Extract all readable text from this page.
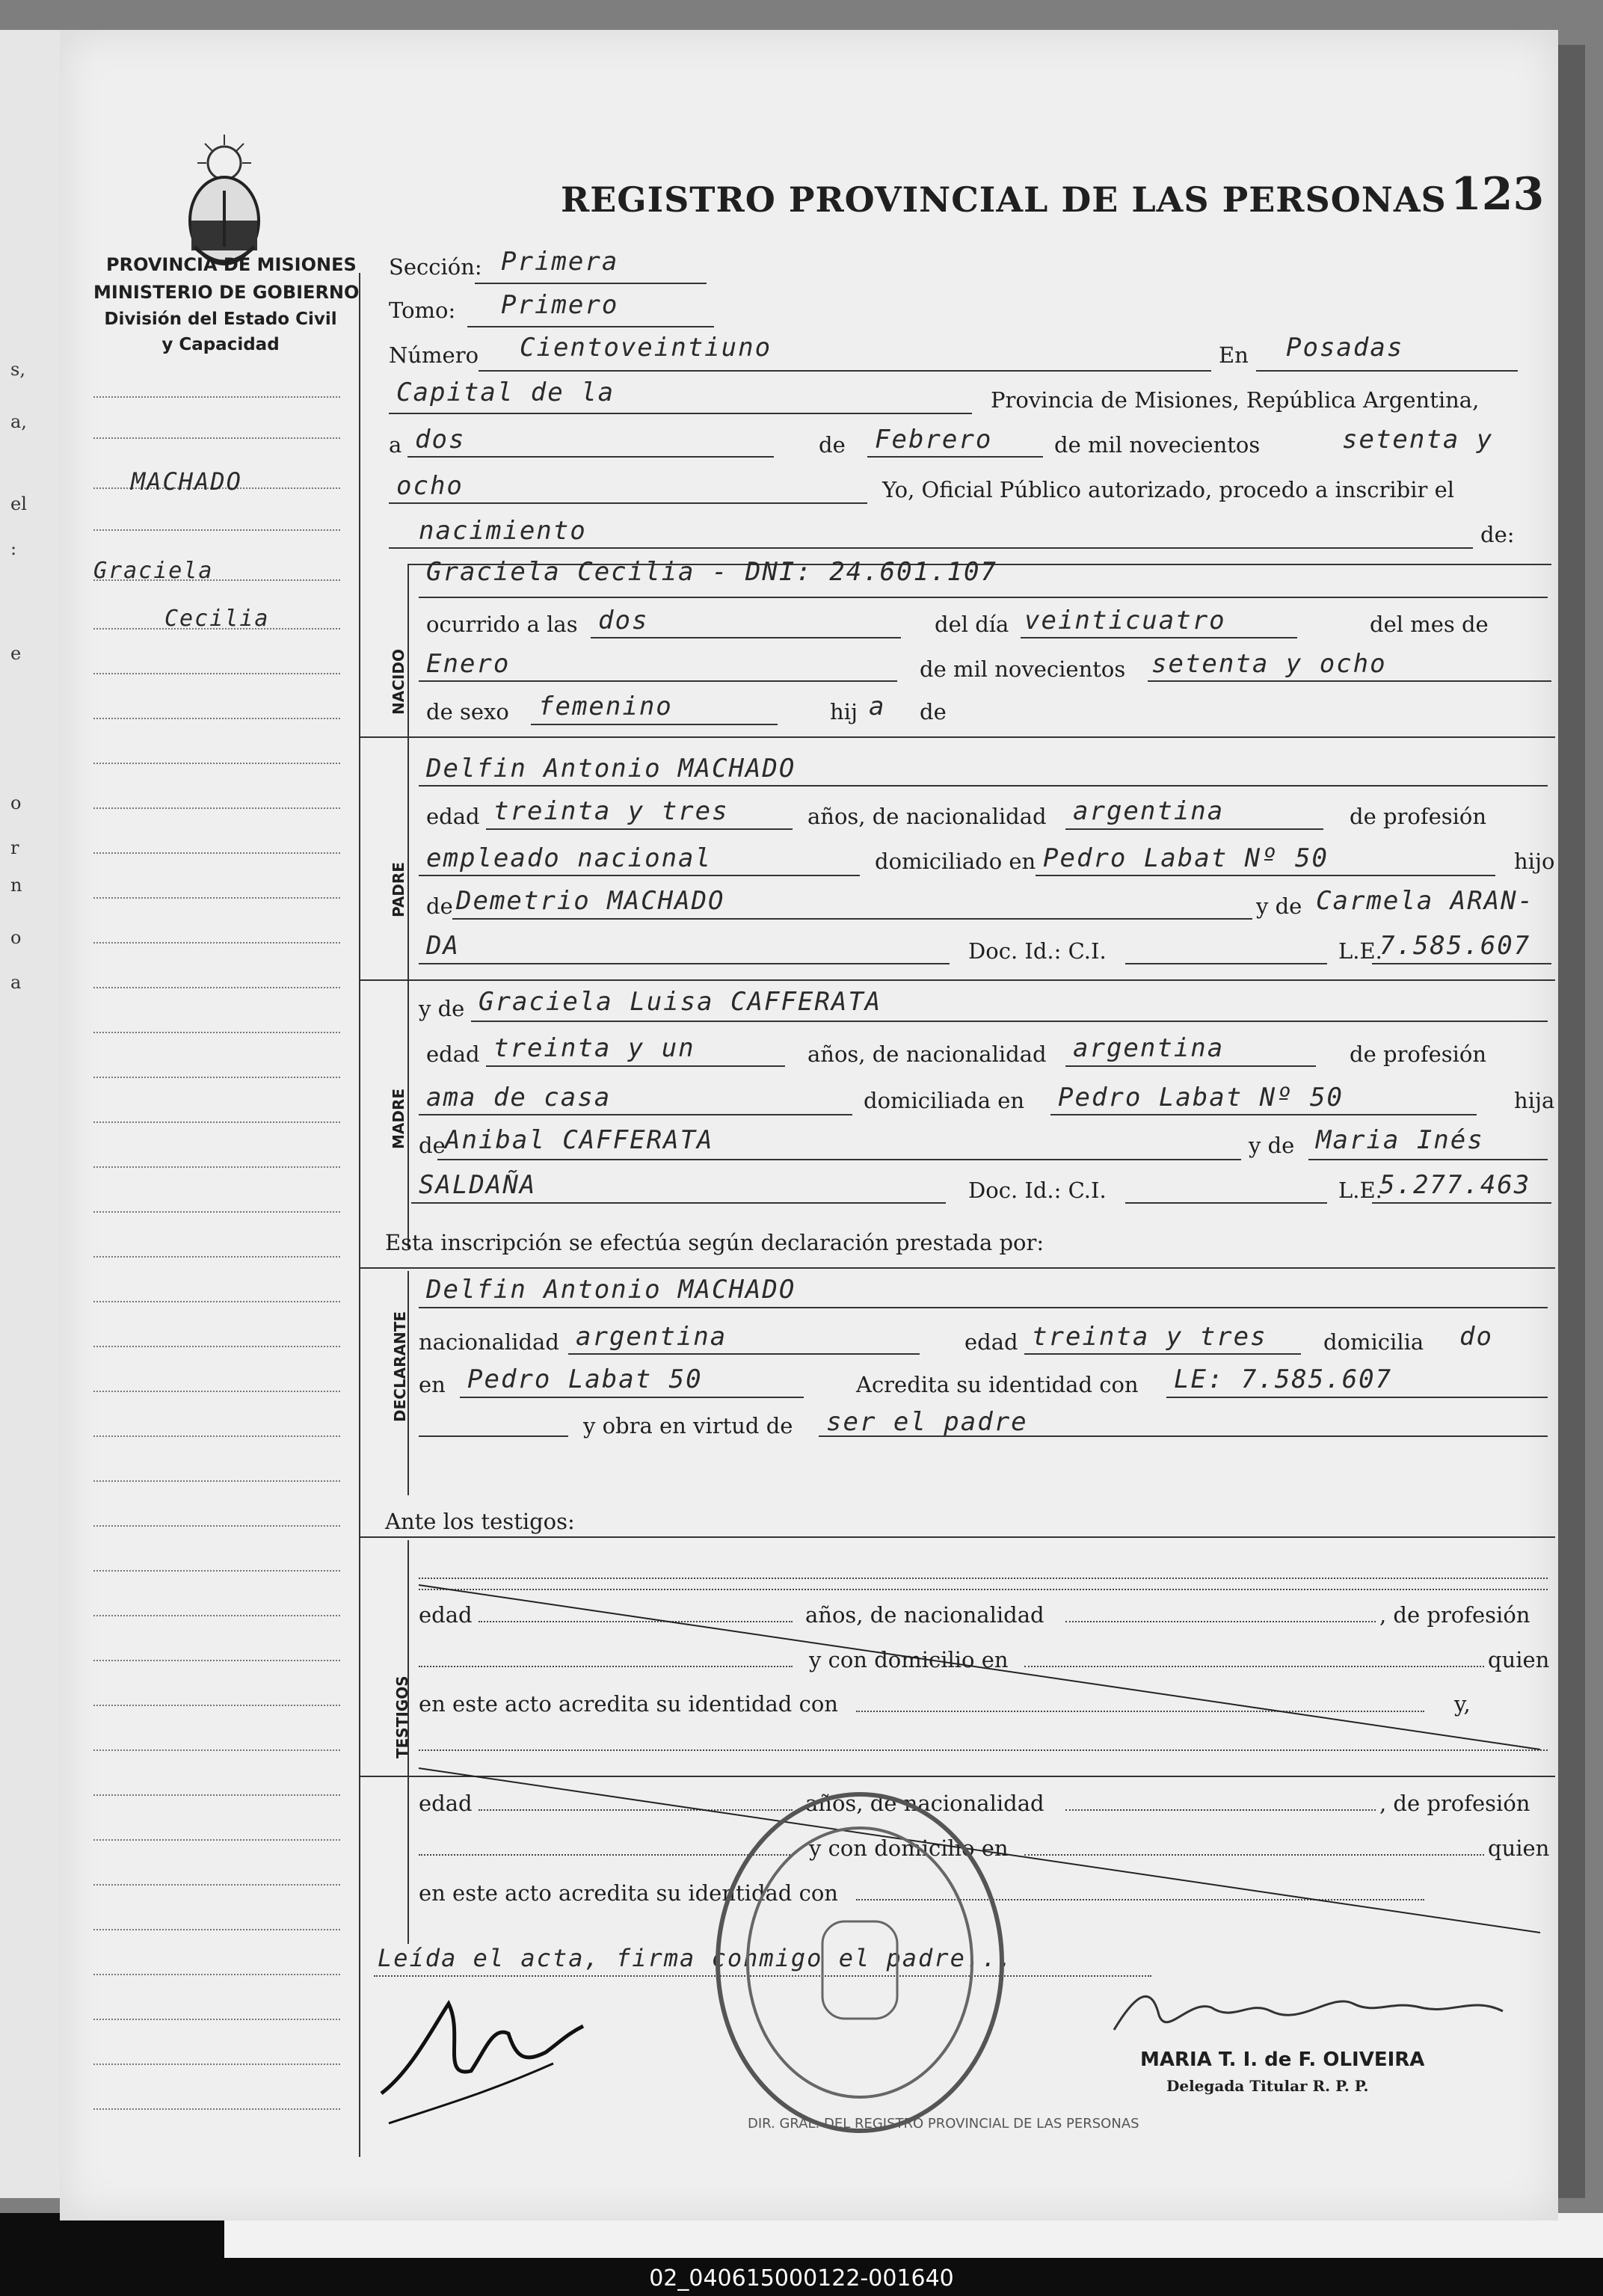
s,
a,
el
:
e
o
r
n
o
a
02_040615000122-001640
PROVINCIA DE MISIONES
MINISTERIO DE GOBIERNO
División del Estado Civil
y Capacidad
REGISTRO PROVINCIAL DE LAS PERSONAS 123
MACHADO
Graciela
Cecilia
Sección: Primera
Tomo: Primero
Número Cientoveintiuno	En Posadas
Capital de la	Provincia de Misiones, República Argentina,
a dos	de Febrero	de mil novecientos	setenta y
ocho	Yo, Oficial Público autorizado, procedo a inscribir el
nacimiento	de:
NACIDO
Graciela Cecilia - DNI: 24.601.107
ocurrido a las dos	del día veinticuatro	del mes de
Enero	de mil novecientos setenta y ocho
de sexo femenino	hij a de
Delfin Antonio MACHADO
PADRE
edad treinta y tres	años, de nacionalidad argentina	de profesión
empleado nacional	domiciliado en Pedro Labat Nº 50	hijo
de Demetrio MACHADO	y de Carmela ARAN-
DA	Doc. Id.: C.I.	L.E.
7.585.607
MADRE
y de Graciela Luisa CAFFERATA
edad treinta y un	años, de nacionalidad argentina	de profesión
ama de casa	domiciliada en Pedro Labat Nº 50	hija
de Anibal CAFFERATA	y de Maria Inés
SALDAÑA	Doc. Id.: C.I.	L.E.
5.277.463
Esta inscripción se efectúa según declaración prestada por:
DECLARANTE
Delfin Antonio MACHADO
nacionalidad argentina	edad treinta y tres	domicilia do
en Pedro Labat 50	Acredita su identidad con LE: 7.585.607
y obra en virtud de ser el padre
Ante los testigos:
TESTIGOS
edad	años, de nacionalidad	, de profesión
y con domicilio en	quien
en este acto acredita su identidad con	y,
edad	años, de nacionalidad	, de profesión
y con domicilio en	quien
en este acto acredita su identidad con
Leída el acta, firma conmigo el padre...
MARIA T. I. de F. OLIVEIRA
Delegada Titular R. P. P.
DIR. GRAL. DEL REGISTRO PROVINCIAL DE LAS PERSONAS
